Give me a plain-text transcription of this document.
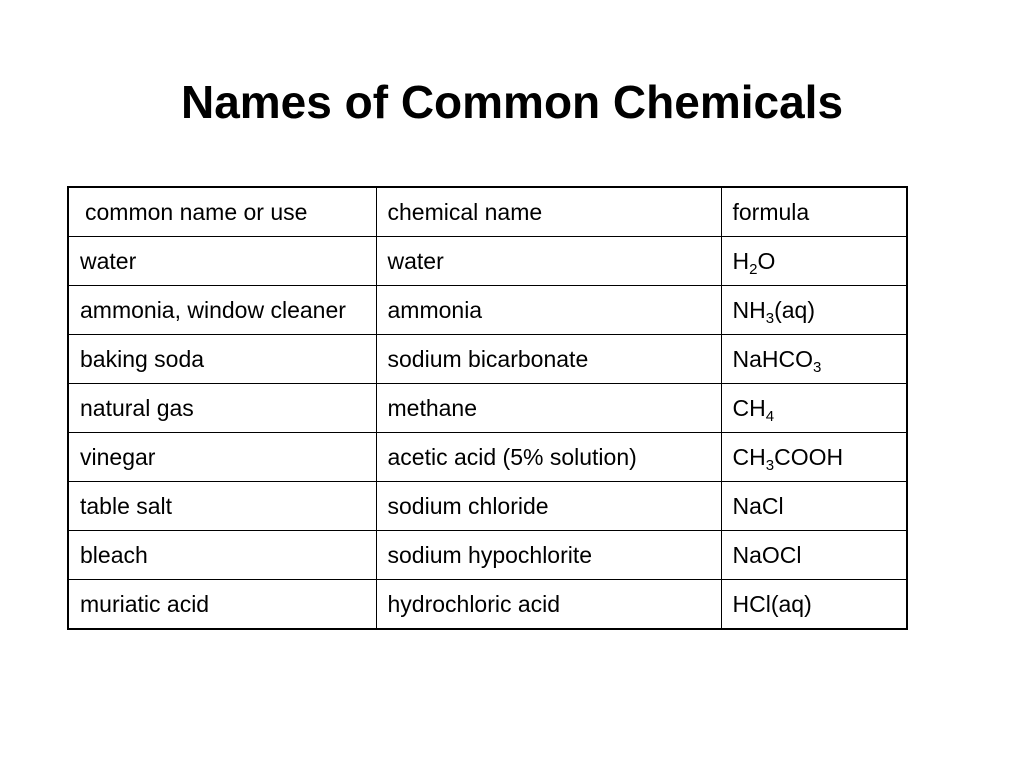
Names of Common Chemicals
common name or use	chemical name	formula
water	water	$H_2O$
ammonia, window cleaner	ammonia	$NH_3(aq)$
baking soda	sodium bicarbonate	NaHCO$_3$
natural gas	methane	$CH_4$
vinegar	acetic acid (5% solution)	$CH_3COOH$
table salt	sodium chloride	NaCl
bleach	sodium hypochlorite	NaOCl
muriatic acid	hydrochloric acid	HCl(aq)
